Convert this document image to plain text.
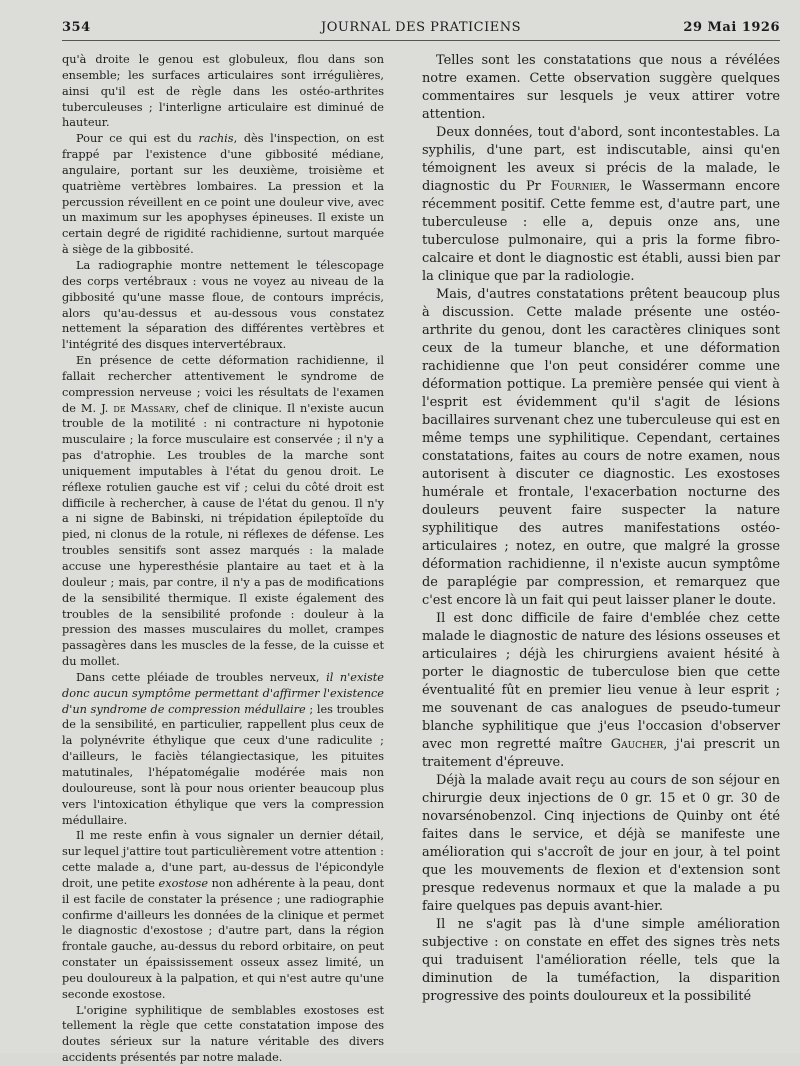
354	JOURNAL DES PRATICIENS	29 Mai 1926

qu'à droite le genou est globuleux, flou dans son ensemble; les surfaces articulaires sont irrégulières, ainsi qu'il est de règle dans les ostéo-arthrites tuberculeuses ; l'interligne articulaire est diminué de hauteur.

Pour ce qui est du rachis, dès l'inspection, on est frappé par l'existence d'une gibbosité médiane, angulaire, portant sur les deuxième, troisième et quatrième vertèbres lombaires. La pression et la percussion réveillent en ce point une douleur vive, avec un maximum sur les apophyses épineuses. Il existe un certain degré de rigidité rachidienne, surtout marquée à siège de la gibbosité.

La radiographie montre nettement le télescopage des corps vertébraux : vous ne voyez au niveau de la gibbosité qu'une masse floue, de contours imprécis, alors qu'au-dessus et au-dessous vous constatez nettement la séparation des différentes vertèbres et l'intégrité des disques intervertébraux.

En présence de cette déformation rachidienne, il fallait rechercher attentivement le syndrome de compression nerveuse ; voici les résultats de l'examen de M. J. de Massary, chef de clinique. Il n'existe aucun trouble de la motilité : ni contracture ni hypotonie musculaire ; la force musculaire est conservée ; il n'y a pas d'atrophie. Les troubles de la marche sont uniquement imputables à l'état du genou droit. Le réflexe rotulien gauche est vif ; celui du côté droit est difficile à rechercher, à cause de l'état du genou. Il n'y a ni signe de Babinski, ni trépidation épileptoïde du pied, ni clonus de la rotule, ni réflexes de défense. Les troubles sensitifs sont assez marqués : la malade accuse une hyperesthésie plantaire au taet et à la douleur ; mais, par contre, il n'y a pas de modifications de la sensibilité thermique. Il existe également des troubles de la sensibilité profonde : douleur à la pression des masses musculaires du mollet, crampes passagères dans les muscles de la fesse, de la cuisse et du mollet.

Dans cette pléiade de troubles nerveux, il n'existe donc aucun symptôme permettant d'affirmer l'existence d'un syndrome de compression médullaire ; les troubles de la sensibilité, en particulier, rappellent plus ceux de la polynévrite éthylique que ceux d'une radiculite ; d'ailleurs, le faciès télangiectasique, les pituites matutinales, l'hépatomégalie modérée mais non douloureuse, sont là pour nous orienter beaucoup plus vers l'intoxication éthylique que vers la compression médullaire.

Il me reste enfin à vous signaler un dernier détail, sur lequel j'attire tout particulièrement votre attention : cette malade a, d'une part, au-dessus de l'épicondyle droit, une petite exostose non adhérente à la peau, dont il est facile de constater la présence ; une radiographie confirme d'ailleurs les données de la clinique et permet le diagnostic d'exostose ; d'autre part, dans la région frontale gauche, au-dessus du rebord orbitaire, on peut constater un épaississement osseux assez limité, un peu douloureux à la palpation, et qui n'est autre qu'une seconde exostose.

L'origine syphilitique de semblables exostoses est tellement la règle que cette constatation impose des doutes sérieux sur la nature véritable des divers accidents présentés par notre malade.

Telles sont les constatations que nous a révélées notre examen. Cette observation suggère quelques commentaires sur lesquels je veux attirer votre attention.

Deux données, tout d'abord, sont incontestables. La syphilis, d'une part, est indiscutable, ainsi qu'en témoignent les aveux si précis de la malade, le diagnostic du Pr Fournier, le Wassermann encore récemment positif. Cette femme est, d'autre part, une tuberculeuse : elle a, depuis onze ans, une tuberculose pulmonaire, qui a pris la forme fibro-calcaire et dont le diagnostic est établi, aussi bien par la clinique que par la radiologie.

Mais, d'autres constatations prêtent beaucoup plus à discussion. Cette malade présente une ostéo-arthrite du genou, dont les caractères cliniques sont ceux de la tumeur blanche, et une déformation rachidienne que l'on peut considérer comme une déformation pottique. La première pensée qui vient à l'esprit est évidemment qu'il s'agit de lésions bacillaires survenant chez une tuberculeuse qui est en même temps une syphilitique. Cependant, certaines constatations, faites au cours de notre examen, nous autorisent à discuter ce diagnostic. Les exostoses humérale et frontale, l'exacerbation nocturne des douleurs peuvent faire suspecter la nature syphilitique des autres manifestations ostéo-articulaires ; notez, en outre, que malgré la grosse déformation rachidienne, il n'existe aucun symptôme de paraplégie par compression, et remarquez que c'est encore là un fait qui peut laisser planer le doute.

Il est donc difficile de faire d'emblée chez cette malade le diagnostic de nature des lésions osseuses et articulaires ; déjà les chirurgiens avaient hésité à porter le diagnostic de tuberculose bien que cette éventualité fût en premier lieu venue à leur esprit ; me souvenant de cas analogues de pseudo-tumeur blanche syphilitique que j'eus l'occasion d'observer avec mon regretté maître Gaucher, j'ai prescrit un traitement d'épreuve.

Déjà la malade avait reçu au cours de son séjour en chirurgie deux injections de 0 gr. 15 et 0 gr. 30 de novarsénobenzol. Cinq injections de Quinby ont été faites dans le service, et déjà se manifeste une amélioration qui s'accroît de jour en jour, à tel point que les mouvements de flexion et d'extension sont presque redevenus normaux et que la malade a pu faire quelques pas depuis avant-hier.

Il ne s'agit pas là d'une simple amélioration subjective : on constate en effet des signes très nets qui traduisent l'amélioration réelle, tels que la diminution de la tuméfaction, la disparition progressive des points douloureux et la possibilité
